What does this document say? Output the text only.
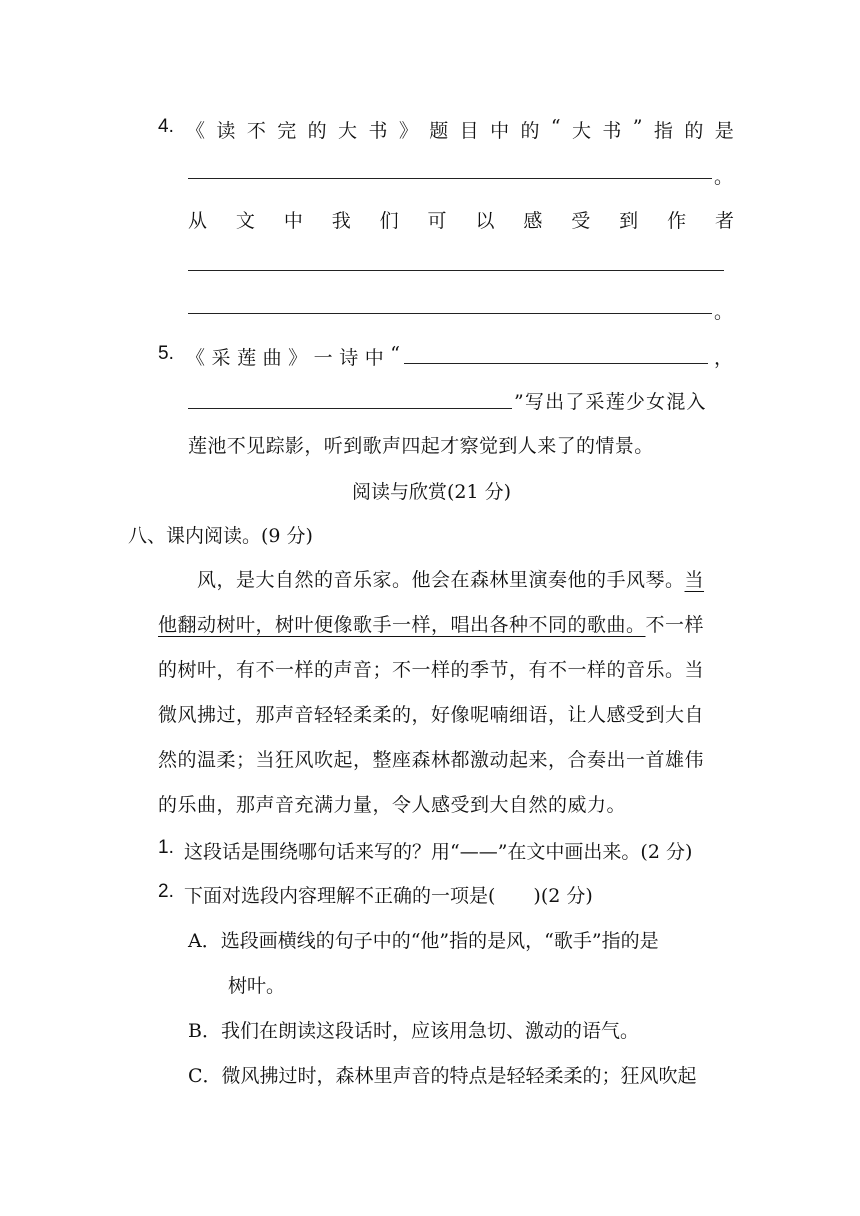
4. 《 读 不 完 的 大 书 》 题 目 中 的 “ 大 书 ” 指 的 是
。
从 文 中 我 们 可 以 感 受 到 作 者
。
5. 《 采 莲 曲 》 一 诗 中 “	，
”写出了采莲少女混入
莲池不见踪影，听到歌声四起才察觉到人来了的情景。
阅读与欣赏(21 分)
八、课内阅读。(9 分)
风，是大自然的音乐家。他会在森林里演奏他的手风琴。当
他翻动树叶，树叶便像歌手一样，唱出各种不同的歌曲。不一样
的树叶，有不一样的声音；不一样的季节，有不一样的音乐。当
微风拂过，那声音轻轻柔柔的，好像呢喃细语，让人感受到大自
然的温柔；当狂风吹起，整座森林都激动起来，合奏出一首雄伟
的乐曲，那声音充满力量，令人感受到大自然的威力。
1. 这段话是围绕哪句话来写的？用“——”在文中画出来。(2 分)
2. 下面对选段内容理解不正确的一项是(　　)(2 分)
A．选段画横线的句子中的“他”指的是风，“歌手”指的是
树叶。
B．我们在朗读这段话时，应该用急切、激动的语气。
C．微风拂过时，森林里声音的特点是轻轻柔柔的；狂风吹起
